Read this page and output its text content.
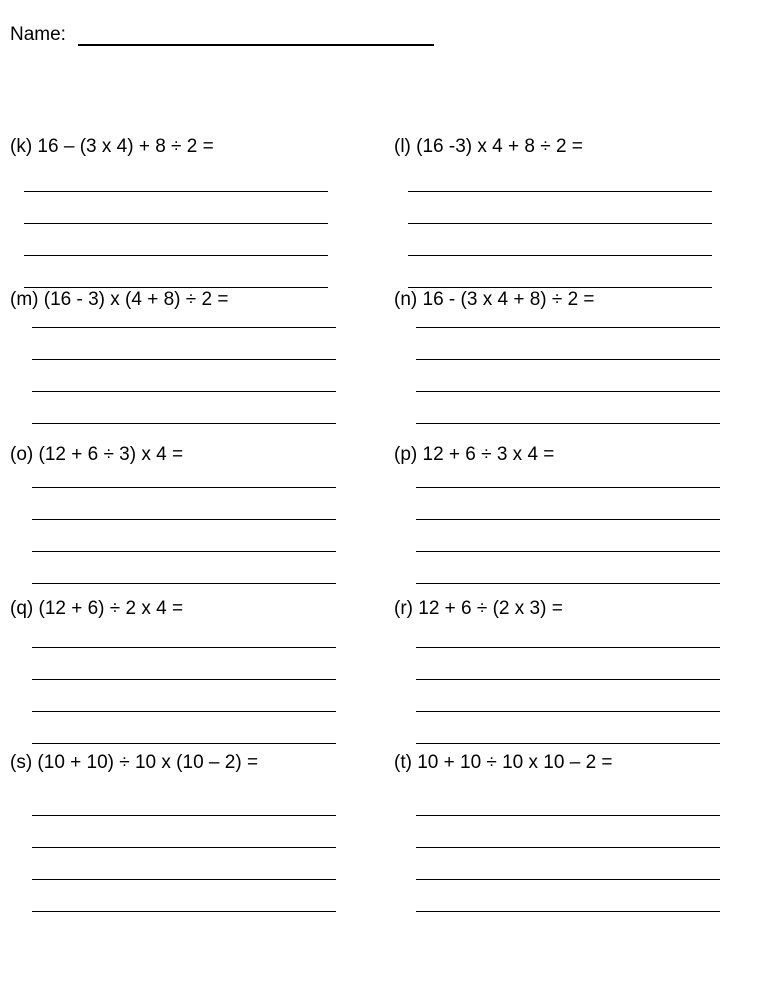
Name:
(k) 16 – (3 x 4) + 8 ÷ 2 =	(l) (16 -3) x 4 + 8 ÷ 2 =
(m) (16 - 3) x (4 + 8) ÷ 2 =	(n) 16 - (3 x 4 + 8) ÷ 2 =
(o) (12 + 6 ÷ 3) x 4 =	(p) 12 + 6 ÷ 3 x 4 =
(q) (12 + 6) ÷ 2 x 4 =	(r) 12 + 6 ÷ (2 x 3) =
(s) (10 + 10) ÷ 10 x (10 – 2) =	(t) 10 + 10 ÷ 10 x 10 – 2 =
